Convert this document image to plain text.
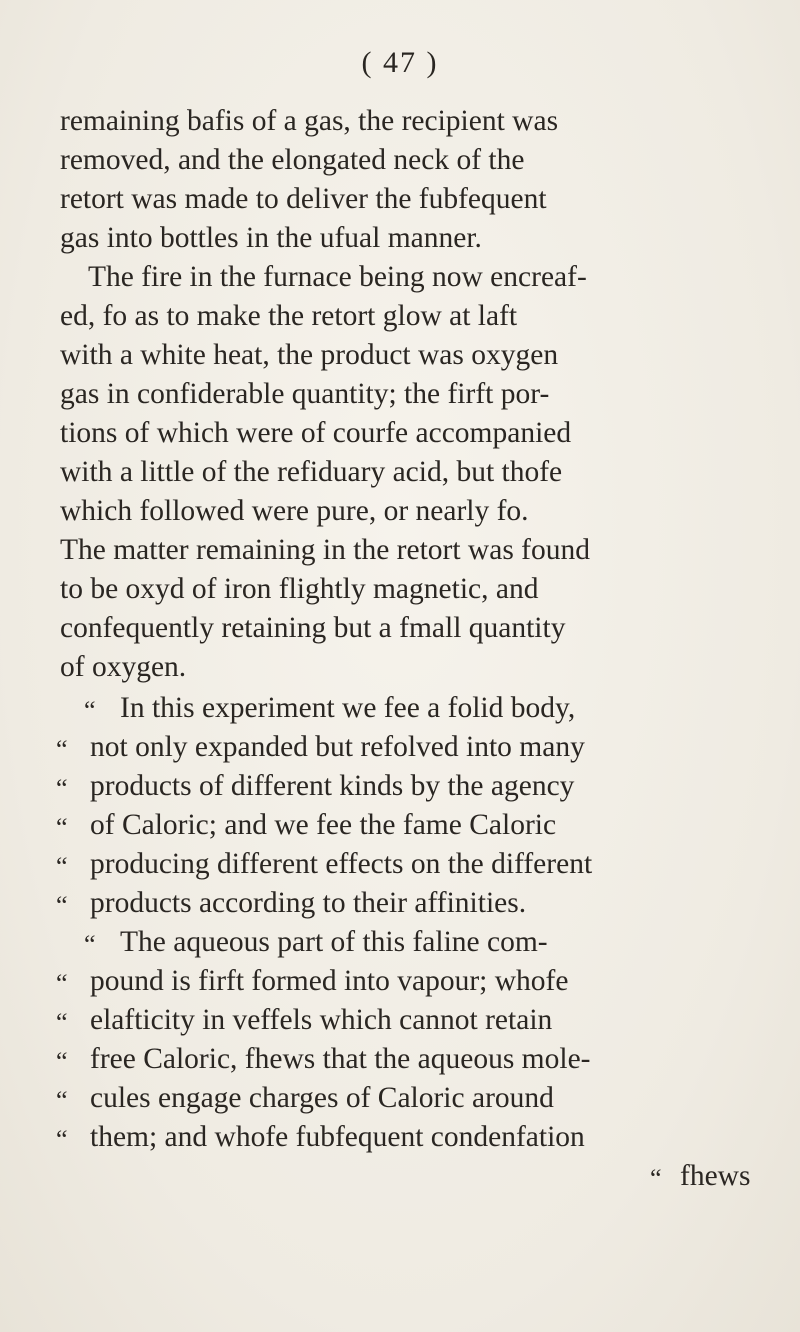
( 47 )
remaining bafis of a gas, the recipient was
removed, and the elongated neck of the
retort was made to deliver the fubfequent
gas into bottles in the ufual manner.
The fire in the furnace being now encreaf-
ed, fo as to make the retort glow at laft
with a white heat, the product was oxygen
gas in confiderable quantity; the firft por-
tions of which were of courfe accompanied
with a little of the refiduary acid, but thofe
which followed were pure, or nearly fo.
The matter remaining in the retort was found
to be oxyd of iron flightly magnetic, and
confequently retaining but a fmall quantity
of oxygen.
“ In this experiment we fee a folid body,
“ not only expanded but refolved into many
“ products of different kinds by the agency
“ of Caloric; and we fee the fame Caloric
“ producing different effects on the different
“ products according to their affinities.
“ The aqueous part of this faline com-
“ pound is firft formed into vapour; whofe
“ elafticity in veffels which cannot retain
“ free Caloric, fhews that the aqueous mole-
“ cules engage charges of Caloric around
“ them; and whofe fubfequent condenfation
“ fhews
